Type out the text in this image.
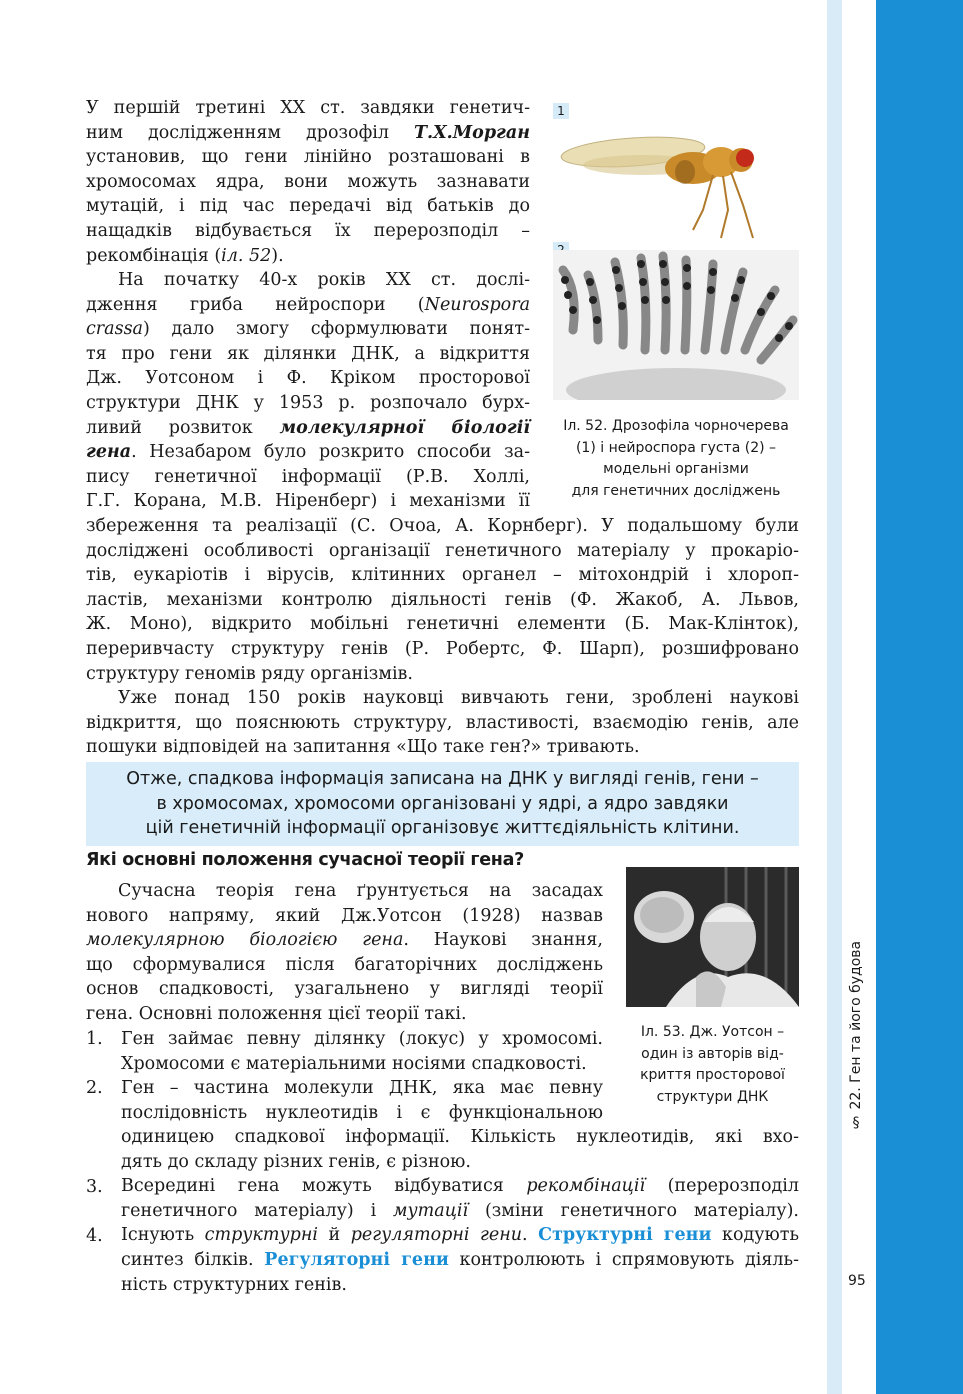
§ 22. Ген та його будова
95

У першій третині XX ст. завдяки генетич-

ним дослідженням дрозофіл Т.Х.Морган

установив, що гени лінійно розташовані в

хромосомах ядра, вони можуть зазнавати

мутацій, і під час передачі від батьків до

нащадків відбувається їх перерозподіл –

рекомбінація (іл. 52).

На початку 40-х років XX ст. дослі-

дження гриба нейроспори (Neurospora

crassa) дало змогу сформулювати понят-

тя про гени як ділянки ДНК, а відкриття

Дж. Уотсоном і Ф. Кріком просторової

структури ДНК у 1953 р. розпочало бурх-

ливий розвиток молекулярної біології

гена. Незабаром було розкрито способи за-

пису генетичної інформації (Р.В. Холлі,

Г.Г. Корана, М.В. Ніренберг) і механізми її

збереження та реалізації (С. Очоа, А. Корнберг). У подальшому були

досліджені особливості організації генетичного матеріалу у прокаріо-

тів, еукаріотів і вірусів, клітинних органел – мітохондрій і хлороп-

ластів, механізми контролю діяльності генів (Ф. Жакоб, А. Львов,

Ж. Моно), відкрито мобільні генетичні елементи (Б. Мак-Клінток),

переривчасту структуру генів (Р. Робертс, Ф. Шарп), розшифровано

структуру геномів ряду організмів.

Уже понад 150 років науковці вивчають гени, зроблені наукові

відкриття, що пояснюють структуру, властивості, взаємодію генів, але

пошуки відповідей на запитання «Що таке ген?» тривають.

Отже, спадкова інформація записана на ДНК у вигляді генів, гени –

в хромосомах, хромосоми організовані у ядрі, а ядро завдяки

цій генетичній інформації організовує життєдіяльність клітини.

Які основні положення сучасної теорії гена?

Сучасна теорія гена ґрунтується на засадах

нового напряму, який Дж.Уотсон (1928) назвав

молекулярною біологією гена. Наукові знання,

що сформувалися після багаторічних досліджень

основ спадковості, узагальнено у вигляді теорії

гена. Основні положення цієї теорії такі.

1.
2.
3.
4.

Ген займає певну ділянку (локус) у хромосомі.

Хромосоми є матеріальними носіями спадковості.

Ген – частина молекули ДНК, яка має певну

послідовність нуклеотидів і є функціональною

одиницею спадкової інформації. Кількість нуклеотидів, які вхо-

дять до складу різних генів, є різною.

Всередині гена можуть відбуватися рекомбінації (перерозподіл

генетичного матеріалу) і мутації (зміни генетичного матеріалу).

Існують структурні й регуляторні гени. Структурні гени кодують

синтез білків. Регуляторні гени контролюють і спрямовують діяль-

ність структурних генів.

1
Іл. 52. Дрозофіла чорночерева
(1) і нейроспора густа (2) –
модельні організми
для генетичних досліджень
Іл. 53. Дж. Уотсон –
один із авторів від-
криття просторової
структури ДНК
